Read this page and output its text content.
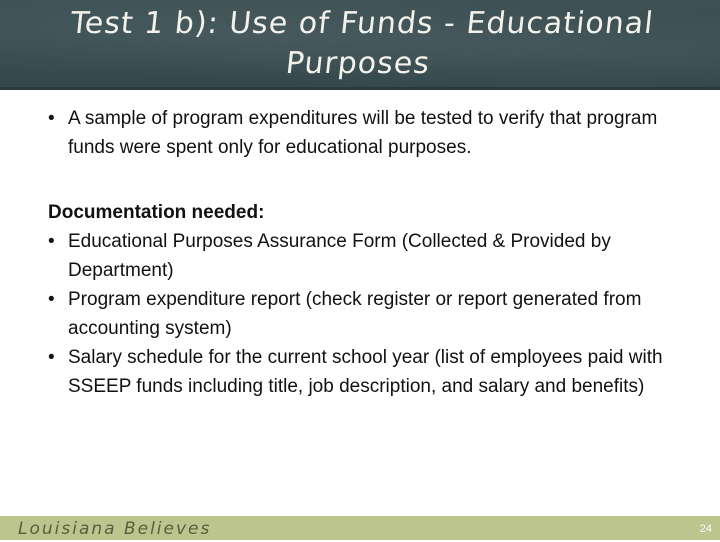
Test 1 b): Use of Funds - Educational
Purposes

• A sample of program expenditures will be tested to verify that program funds were spent only for educational purposes.

Documentation needed:

• Educational Purposes Assurance Form (Collected & Provided by Department)
• Program expenditure report (check register or report generated from accounting system)
• Salary schedule for the current school year (list of employees paid with SSEEP funds including title, job description, and salary and benefits)
Louisiana Believes	24
